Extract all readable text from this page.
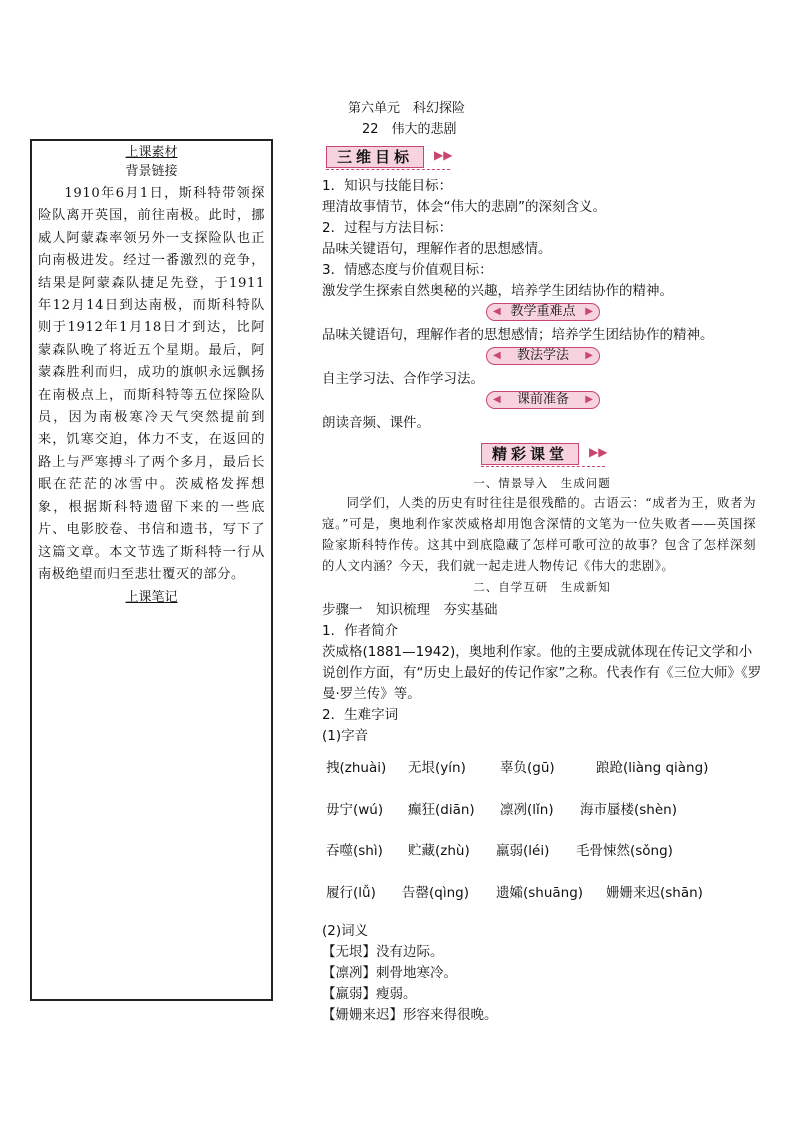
第六单元　科幻探险
22　伟大的悲剧
上课素材
背景链接
1910年6月1日，斯科特带领探险队离开英国，前往南极。此时，挪威人阿蒙森率领另外一支探险队也正向南极进发。经过一番激烈的竞争，结果是阿蒙森队捷足先登，于1911年12月14日到达南极，而斯科特队则于1912年1月18日才到达，比阿蒙森队晚了将近五个星期。最后，阿蒙森胜利而归，成功的旗帜永远飘扬在南极点上，而斯科特等五位探险队员，因为南极寒冷天气突然提前到来，饥寒交迫，体力不支，在返回的路上与严寒搏斗了两个多月，最后长眠在茫茫的冰雪中。茨威格发挥想象，根据斯科特遗留下来的一些底片、电影胶卷、书信和遗书，写下了这篇文章。本文节选了斯科特一行从南极绝望而归至悲壮覆灭的部分。
上课笔记
三维目标	▶▶
1．知识与技能目标：
理清故事情节，体会“伟大的悲剧”的深刻含义。
2．过程与方法目标：
品味关键语句，理解作者的思想感情。
3．情感态度与价值观目标：
激发学生探索自然奥秘的兴趣，培养学生团结协作的精神。
◀ 教学重难点 ▶
品味关键语句，理解作者的思想感情；培养学生团结协作的精神。
◀ 教法学法 ▶
自主学习法、合作学习法。
◀ 课前准备 ▶
朗读音频、课件。
精彩课堂	▶▶
一、情景导入　生成问题
同学们，人类的历史有时往往是很残酷的。古语云：“成者为王，败者为寇。”可是，奥地利作家茨威格却用饱含深情的文笔为一位失败者——英国探险家斯科特作传。这其中到底隐藏了怎样可歌可泣的故事？包含了怎样深刻的人文内涵？今天，我们就一起走进人物传记《伟大的悲剧》。
二、自学互研　生成新知
步骤一　知识梳理　夯实基础
1．作者简介
茨威格(1881—1942)，奥地利作家。他的主要成就体现在传记文学和小
说创作方面，有“历史上最好的传记作家”之称。代表作有《三位大师》《罗
曼·罗兰传》等。
2．生难字词
(1)字音
拽(zhuài) 无垠(yín)	辜负(gū)	踉跄(liàng qiàng)
毋宁(wú) 癫狂(diān) 凛冽(lǐn) 海市蜃楼(shèn)
吞噬(shì) 贮藏(zhù) 羸弱(léi) 毛骨悚然(sǒng)
履行(lǚ) 告罄(qìng) 遗孀(shuāng) 姗姗来迟(shān)
(2)词义
【无垠】没有边际。
【凛冽】刺骨地寒冷。
【羸弱】瘦弱。
【姗姗来迟】形容来得很晚。
